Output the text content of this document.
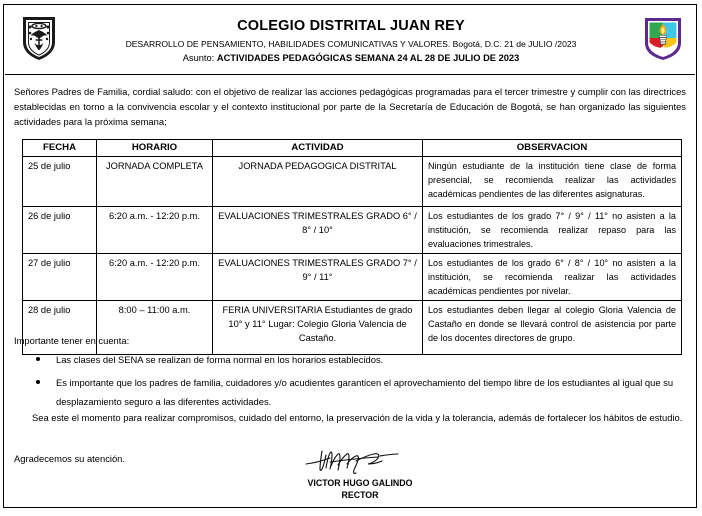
COLEGIO DISTRITAL JUAN REY
DESARROLLO DE PENSAMIENTO, HABILIDADES COMUNICATIVAS Y VALORES. Bogotá, D.C. 21 de JULIO /2023
Asunto: ACTIVIDADES PEDAGÓGICAS SEMANA 24 AL 28 DE JULIO DE 2023
Señores Padres de Familia, cordial saludo: con el objetivo de realizar las acciones pedagógicas programadas para el tercer trimestre y cumplir con las directrices establecidas en torno a la convivencia escolar y el contexto institucional por parte de la Secretaría de Educación de Bogotá, se han organizado las siguientes actividades para la próxima semana;
FECHA	HORARIO	ACTIVIDAD	OBSERVACION
25 de julio	JORNADA COMPLETA	JORNADA PEDAGOGICA DISTRITAL	Ningún estudiante de la institución tiene clase de forma presencial, se recomienda realizar las actividades académicas pendientes de las diferentes asignaturas.
26 de julio	6:20 a.m. - 12:20 p.m.	EVALUACIONES TRIMESTRALES GRADO 6° / 8° / 10°	Los estudiantes de los grado 7° / 9° / 11° no asisten a la institución, se recomienda realizar repaso para las evaluaciones trimestrales.
27 de julio	6:20 a.m. - 12:20 p.m.	EVALUACIONES TRIMESTRALES GRADO 7° / 9° / 11°	Los estudiantes de los grado 6° / 8° / 10° no asisten a la institución, se recomienda realizar las actividades académicas pendientes por nivelar.
28 de julio	8:00 – 11:00 a.m.	FERIA UNIVERSITARIA Estudiantes de grado 10° y 11° Lugar: Colegio Gloria Valencia de Castaño.	Los estudiantes deben llegar al colegio Gloria Valencia de Castaño en donde se llevará control de asistencia por parte de los docentes directores de grupo.
Importante tener en cuenta:
Las clases del SENA se realizan de forma normal en los horarios establecidos.
Es importante que los padres de familia, cuidadores y/o acudientes garanticen el aprovechamiento del tiempo libre de los estudiantes al igual que su desplazamiento seguro a las diferentes actividades.
Sea este el momento para realizar compromisos, cuidado del entorno, la preservación de la vida y la tolerancia, además de fortalecer los hábitos de estudio.
Agradecemos su atención.
VICTOR HUGO GALINDO
RECTOR
